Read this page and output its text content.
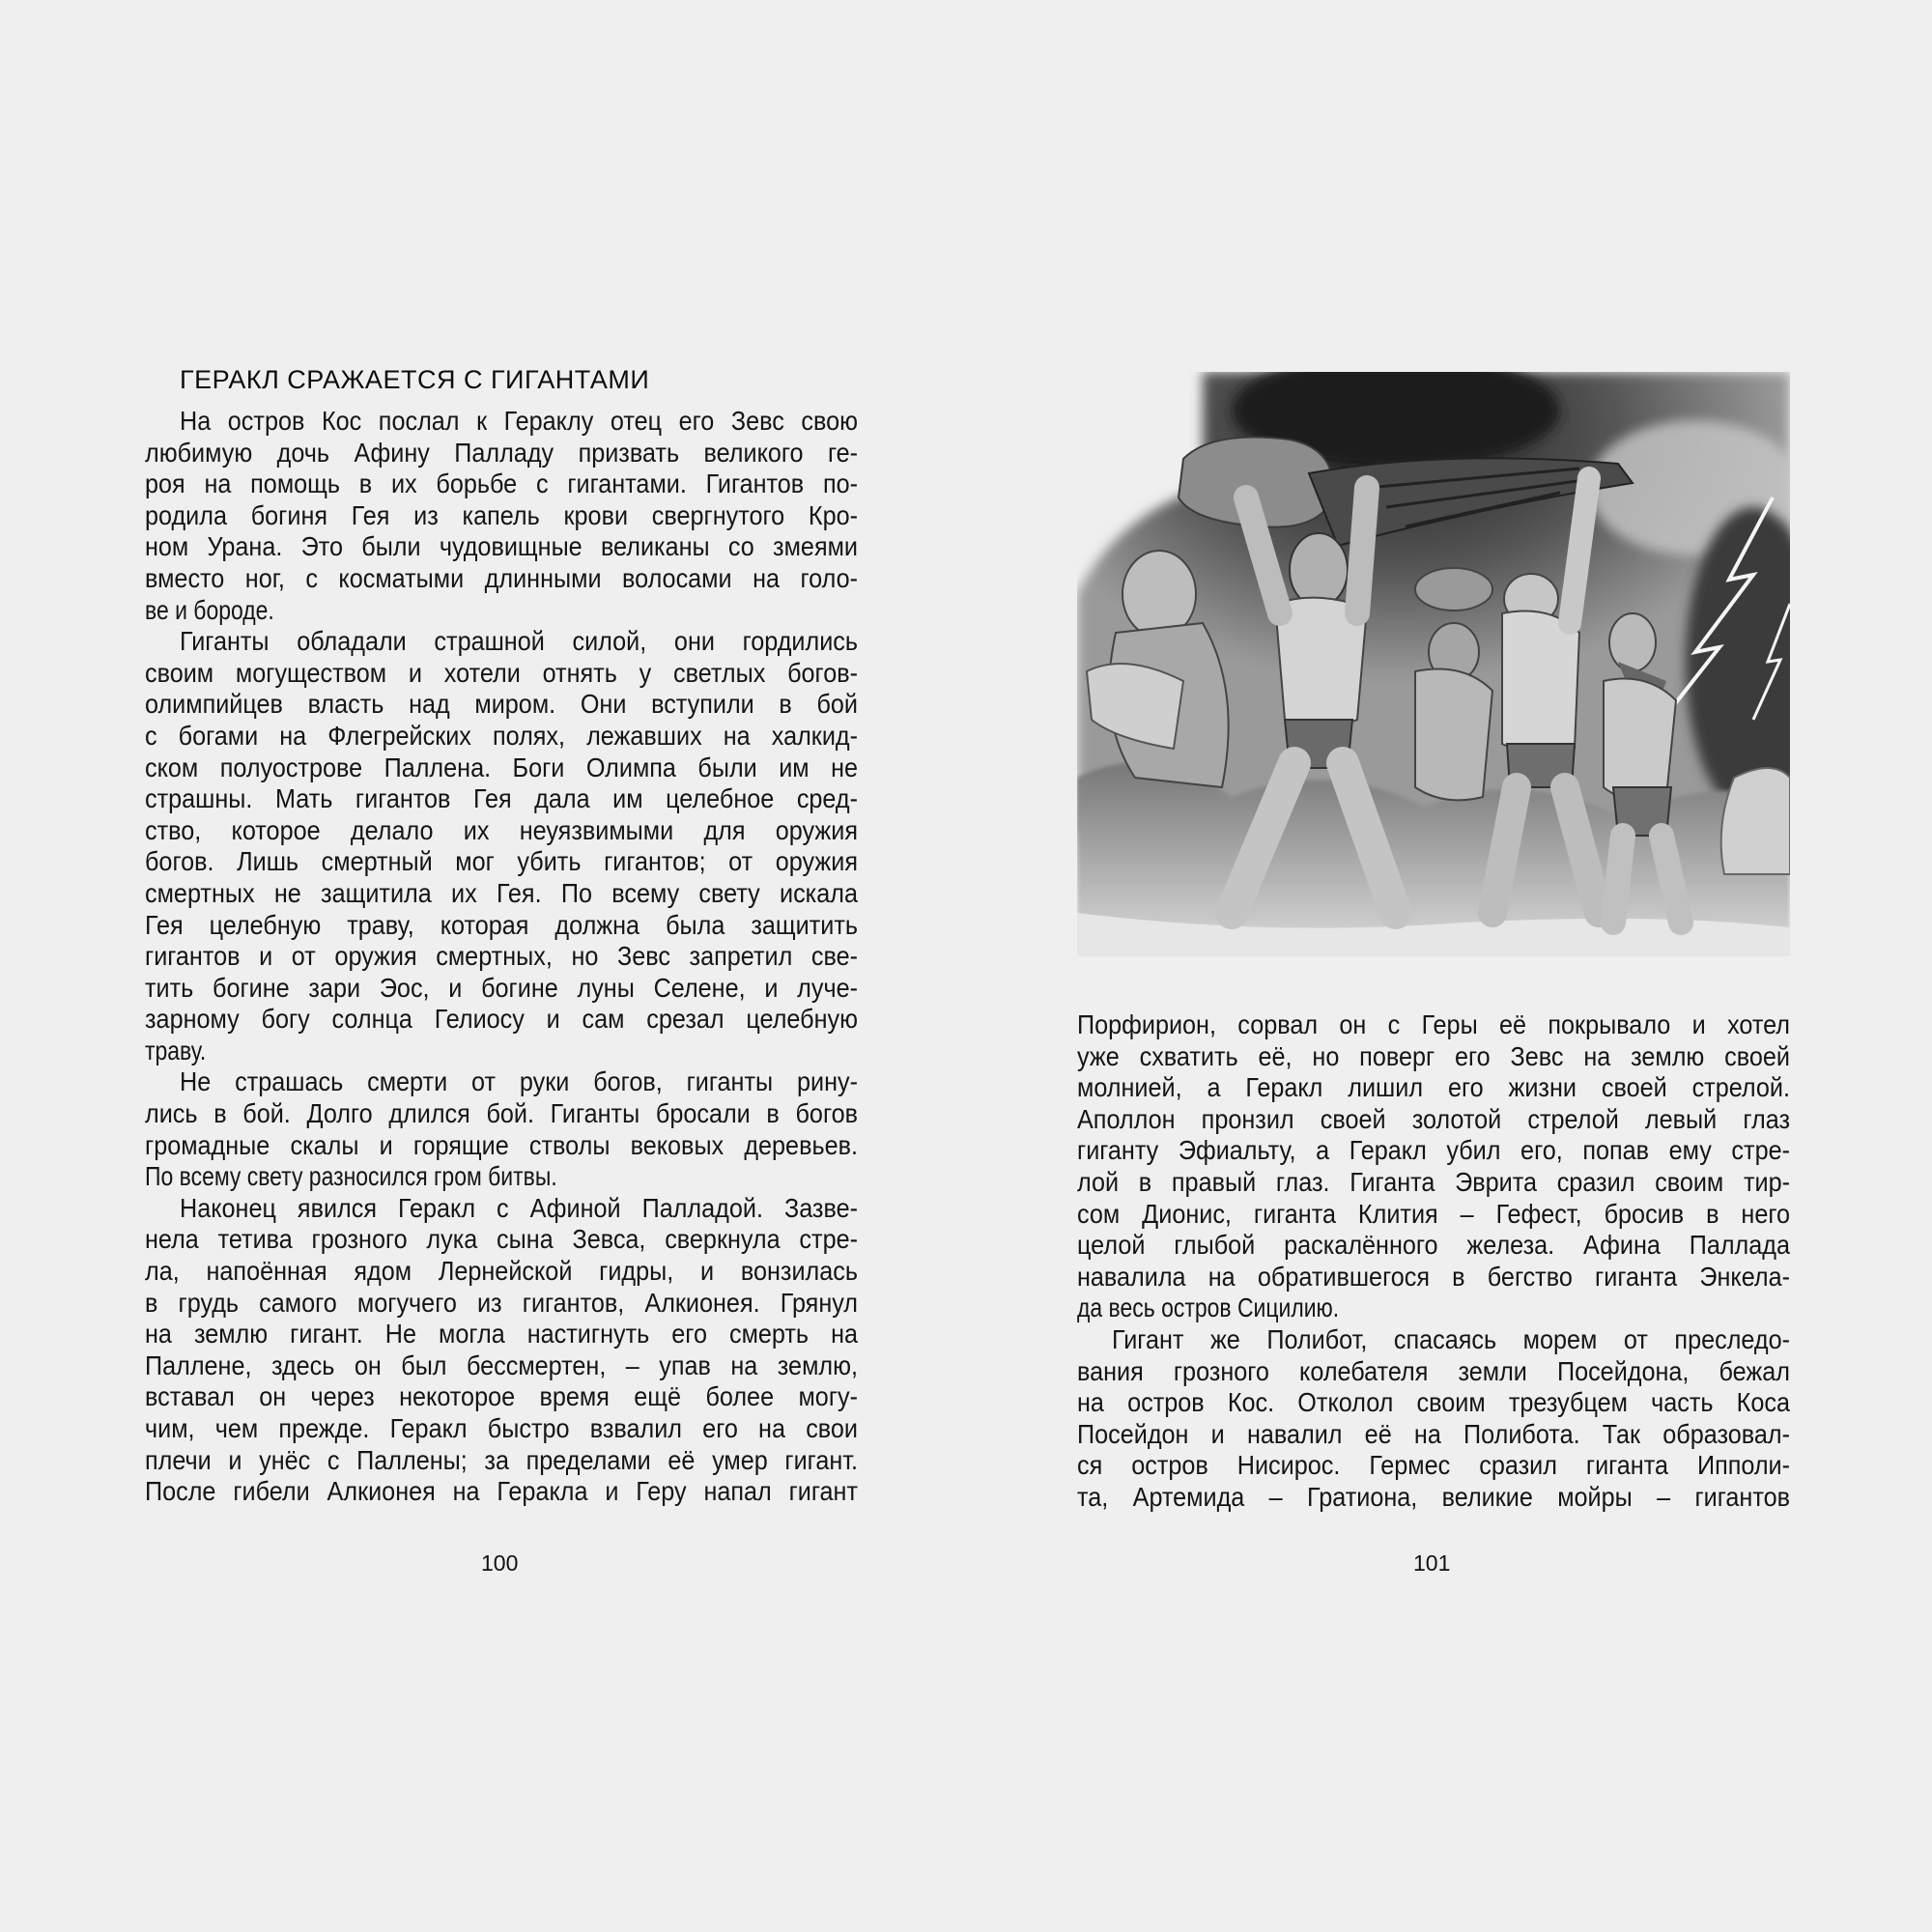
ГЕРАКЛ СРАЖАЕТСЯ С ГИГАНТАМИ
На остров Кос послал к Гераклу отец его Зевс свою
любимую дочь Афину Палладу призвать великого ге-
роя на помощь в их борьбе с гигантами. Гигантов по-
родила богиня Гея из капель крови свергнутого Кро-
ном Урана. Это были чудовищные великаны со змеями
вместо ног, с косматыми длинными волосами на голо-
ве и бороде.
Гиганты обладали страшной силой, они гордились
своим могуществом и хотели отнять у светлых богов-
олимпийцев власть над миром. Они вступили в бой
с богами на Флегрейских полях, лежавших на халкид-
ском полуострове Паллена. Боги Олимпа были им не
страшны. Мать гигантов Гея дала им целебное сред-
ство, которое делало их неуязвимыми для оружия
богов. Лишь смертный мог убить гигантов; от оружия
смертных не защитила их Гея. По всему свету искала
Гея целебную траву, которая должна была защитить
гигантов и от оружия смертных, но Зевс запретил све-
тить богине зари Эос, и богине луны Селене, и луче-
зарному богу солнца Гелиосу и сам срезал целебную
траву.
Не страшась смерти от руки богов, гиганты рину-
лись в бой. Долго длился бой. Гиганты бросали в богов
громадные скалы и горящие стволы вековых деревьев.
По всему свету разносился гром битвы.
Наконец явился Геракл с Афиной Палладой. Зазве-
нела тетива грозного лука сына Зевса, сверкнула стре-
ла, напоённая ядом Лернейской гидры, и вонзилась
в грудь самого могучего из гигантов, Алкионея. Грянул
на землю гигант. Не могла настигнуть его смерть на
Паллене, здесь он был бессмертен, – упав на землю,
вставал он через некоторое время ещё более могу-
чим, чем прежде. Геракл быстро взвалил его на свои
плечи и унёс с Паллены; за пределами её умер гигант.
После гибели Алкионея на Геракла и Геру напал гигант
100
Порфирион, сорвал он с Геры её покрывало и хотел
уже схватить её, но поверг его Зевс на землю своей
молнией, а Геракл лишил его жизни своей стрелой.
Аполлон пронзил своей золотой стрелой левый глаз
гиганту Эфиальту, а Геракл убил его, попав ему стре-
лой в правый глаз. Гиганта Эврита сразил своим тир-
сом Дионис, гиганта Клития – Гефест, бросив в него
целой глыбой раскалённого железа. Афина Паллада
навалила на обратившегося в бегство гиганта Энкела-
да весь остров Сицилию.
Гигант же Полибот, спасаясь морем от преследо-
вания грозного колебателя земли Посейдона, бежал
на остров Кос. Отколол своим трезубцем часть Коса
Посейдон и навалил её на Полибота. Так образовал-
ся остров Нисирос. Гермес сразил гиганта Ипполи-
та, Артемида – Гратиона, великие мойры – гигантов
101
